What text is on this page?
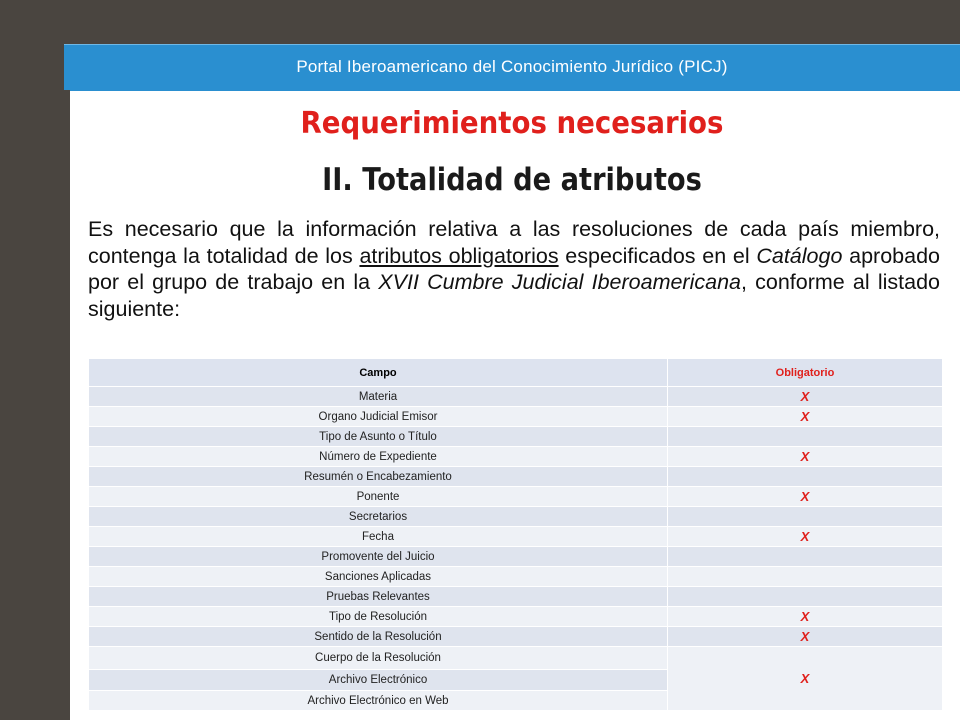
Portal Iberoamericano del Conocimiento Jurídico (PICJ)
Requerimientos necesarios
II. Totalidad de atributos
Es necesario que la información relativa a las resoluciones de cada país miembro, contenga la totalidad de los atributos obligatorios especificados en el Catálogo aprobado por el grupo de trabajo en la XVII Cumbre Judicial Iberoamericana, conforme al listado siguiente:
Campo	Obligatorio
Materia	X
Organo Judicial Emisor	X
Tipo de Asunto o Título	
Número de Expediente	X
Resumén o Encabezamiento	
Ponente	X
Secretarios	
Fecha	X
Promovente del Juicio	
Sanciones Aplicadas	
Pruebas Relevantes	
Tipo de Resolución	X
Sentido de la Resolución	X
Cuerpo de la Resolución	X
Archivo Electrónico	
Archivo Electrónico en Web	
